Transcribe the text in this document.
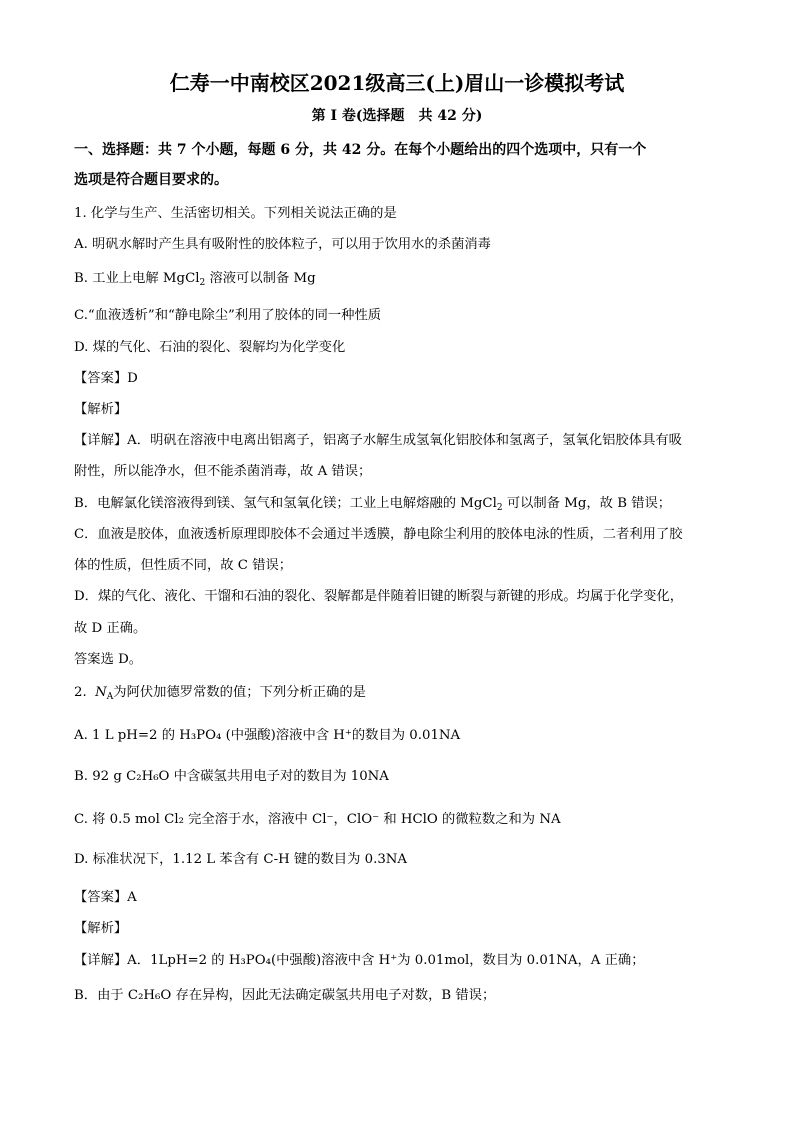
仁寿一中南校区2021级高三(上)眉山一诊模拟考试
第 I 卷(选择题　共 42 分)
一、选择题：共 7 个小题，每题 6 分，共 42 分。在每个小题给出的四个选项中，只有一个
选项是符合题目要求的。
1. 化学与生产、生活密切相关。下列相关说法正确的是
A. 明矾水解时产生具有吸附性的胶体粒子，可以用于饮用水的杀菌消毒
B. 工业上电解 MgCl$_2$ 溶液可以制备 Mg
C.“血液透析”和“静电除尘”利用了胶体的同一种性质
D. 煤的气化、石油的裂化、裂解均为化学变化
【答案】D
【解析】
【详解】A．明矾在溶液中电离出铝离子，铝离子水解生成氢氧化铝胶体和氢离子，氢氧化铝胶体具有吸
附性，所以能净水，但不能杀菌消毒，故 A 错误；
B．电解氯化镁溶液得到镁、氢气和氢氧化镁；工业上电解熔融的 MgCl$_2$ 可以制备 Mg，故 B 错误；
C．血液是胶体，血液透析原理即胶体不会通过半透膜，静电除尘利用的胶体电泳的性质，二者利用了胶
体的性质，但性质不同，故 C 错误；
D．煤的气化、液化、干馏和石油的裂化、裂解都是伴随着旧键的断裂与新键的形成。均属于化学变化，
故 D 正确。
答案选 D。
2. $N_A$为阿伏加德罗常数的值；下列分析正确的是
A. 1 L pH=2 的 H₃PO₄ (中强酸)溶液中含 H⁺的数目为 0.01NA
B. 92 g C₂H₆O 中含碳氢共用电子对的数目为 10NA
C. 将 0.5 mol Cl₂ 完全溶于水，溶液中 Cl⁻，ClO⁻ 和 HClO 的微粒数之和为 NA
D. 标准状况下，1.12 L 苯含有 C-H 键的数目为 0.3NA
【答案】A
【解析】
【详解】A．1LpH=2 的 H₃PO₄(中强酸)溶液中含 H⁺为 0.01mol，数目为 0.01NA，A 正确；
B．由于 C₂H₆O 存在异构，因此无法确定碳氢共用电子对数，B 错误；
